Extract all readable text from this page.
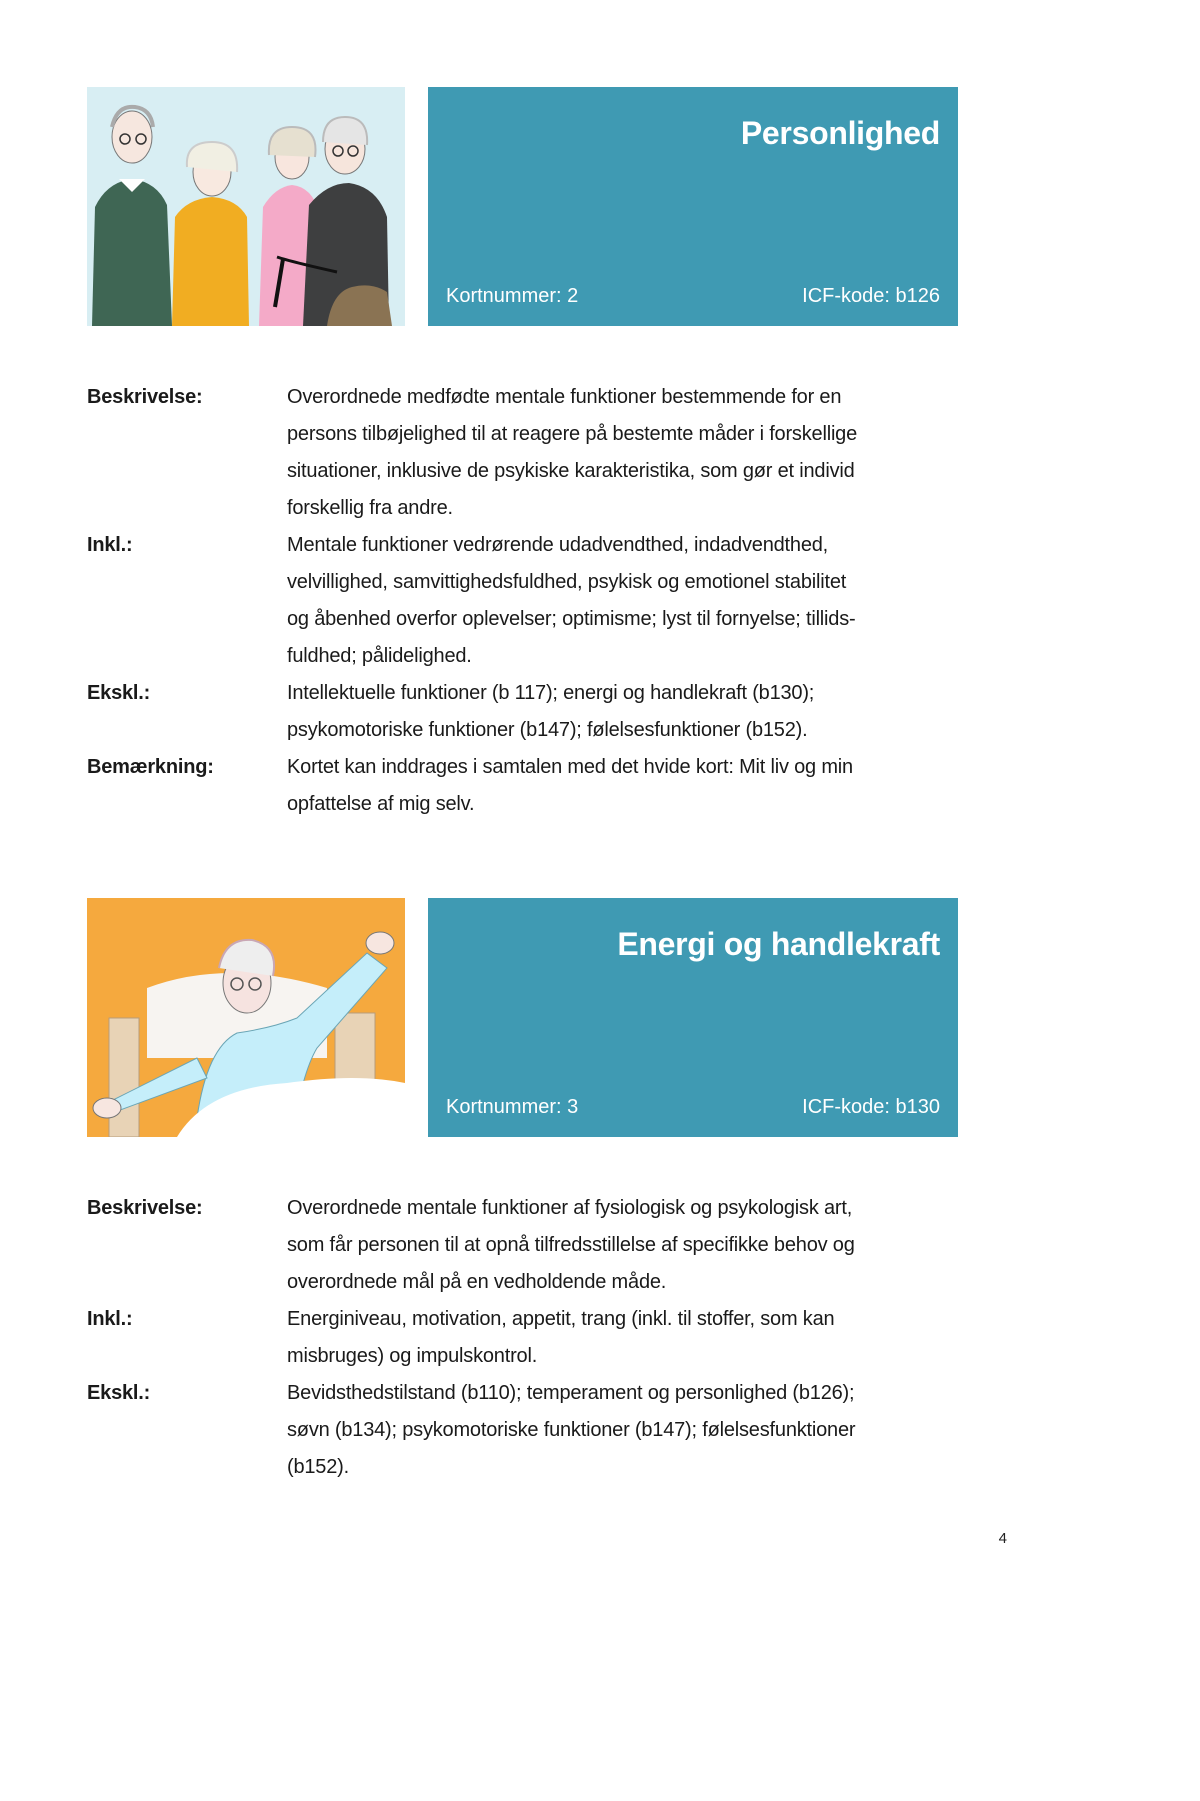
Personlighed
Kortnummer: 2	ICF-kode: b126
Beskrivelse:	Overordnede medfødte mentale funktioner bestemmende for en
persons tilbøjelighed til at reagere på bestemte måder i forskellige
situationer, inklusive de psykiske karakteristika, som gør et individ
forskellig fra andre.
Inkl.:	Mentale funktioner vedrørende udadvendthed, indadvendthed,
velvillighed, samvittighedsfuldhed, psykisk og emotionel stabilitet
og åbenhed overfor oplevelser; optimisme; lyst til fornyelse; tillids-
fuldhed; pålidelighed.
Ekskl.:	Intellektuelle funktioner (b 117); energi og handlekraft (b130);
psykomotoriske funktioner (b147); følelsesfunktioner (b152).
Bemærkning:	Kortet kan inddrages i samtalen med det hvide kort: Mit liv og min
opfattelse af mig selv.
Energi og handlekraft
Kortnummer: 3	ICF-kode: b130
Beskrivelse:	Overordnede mentale funktioner af fysiologisk og psykologisk art,
som får personen til at opnå tilfredsstillelse af specifikke behov og
overordnede mål på en vedholdende måde.
Inkl.:	Energiniveau, motivation, appetit, trang (inkl. til stoffer, som kan
misbruges) og impulskontrol.
Ekskl.:	Bevidsthedstilstand (b110); temperament og personlighed (b126);
søvn (b134); psykomotoriske funktioner (b147); følelsesfunktioner
(b152).
4
